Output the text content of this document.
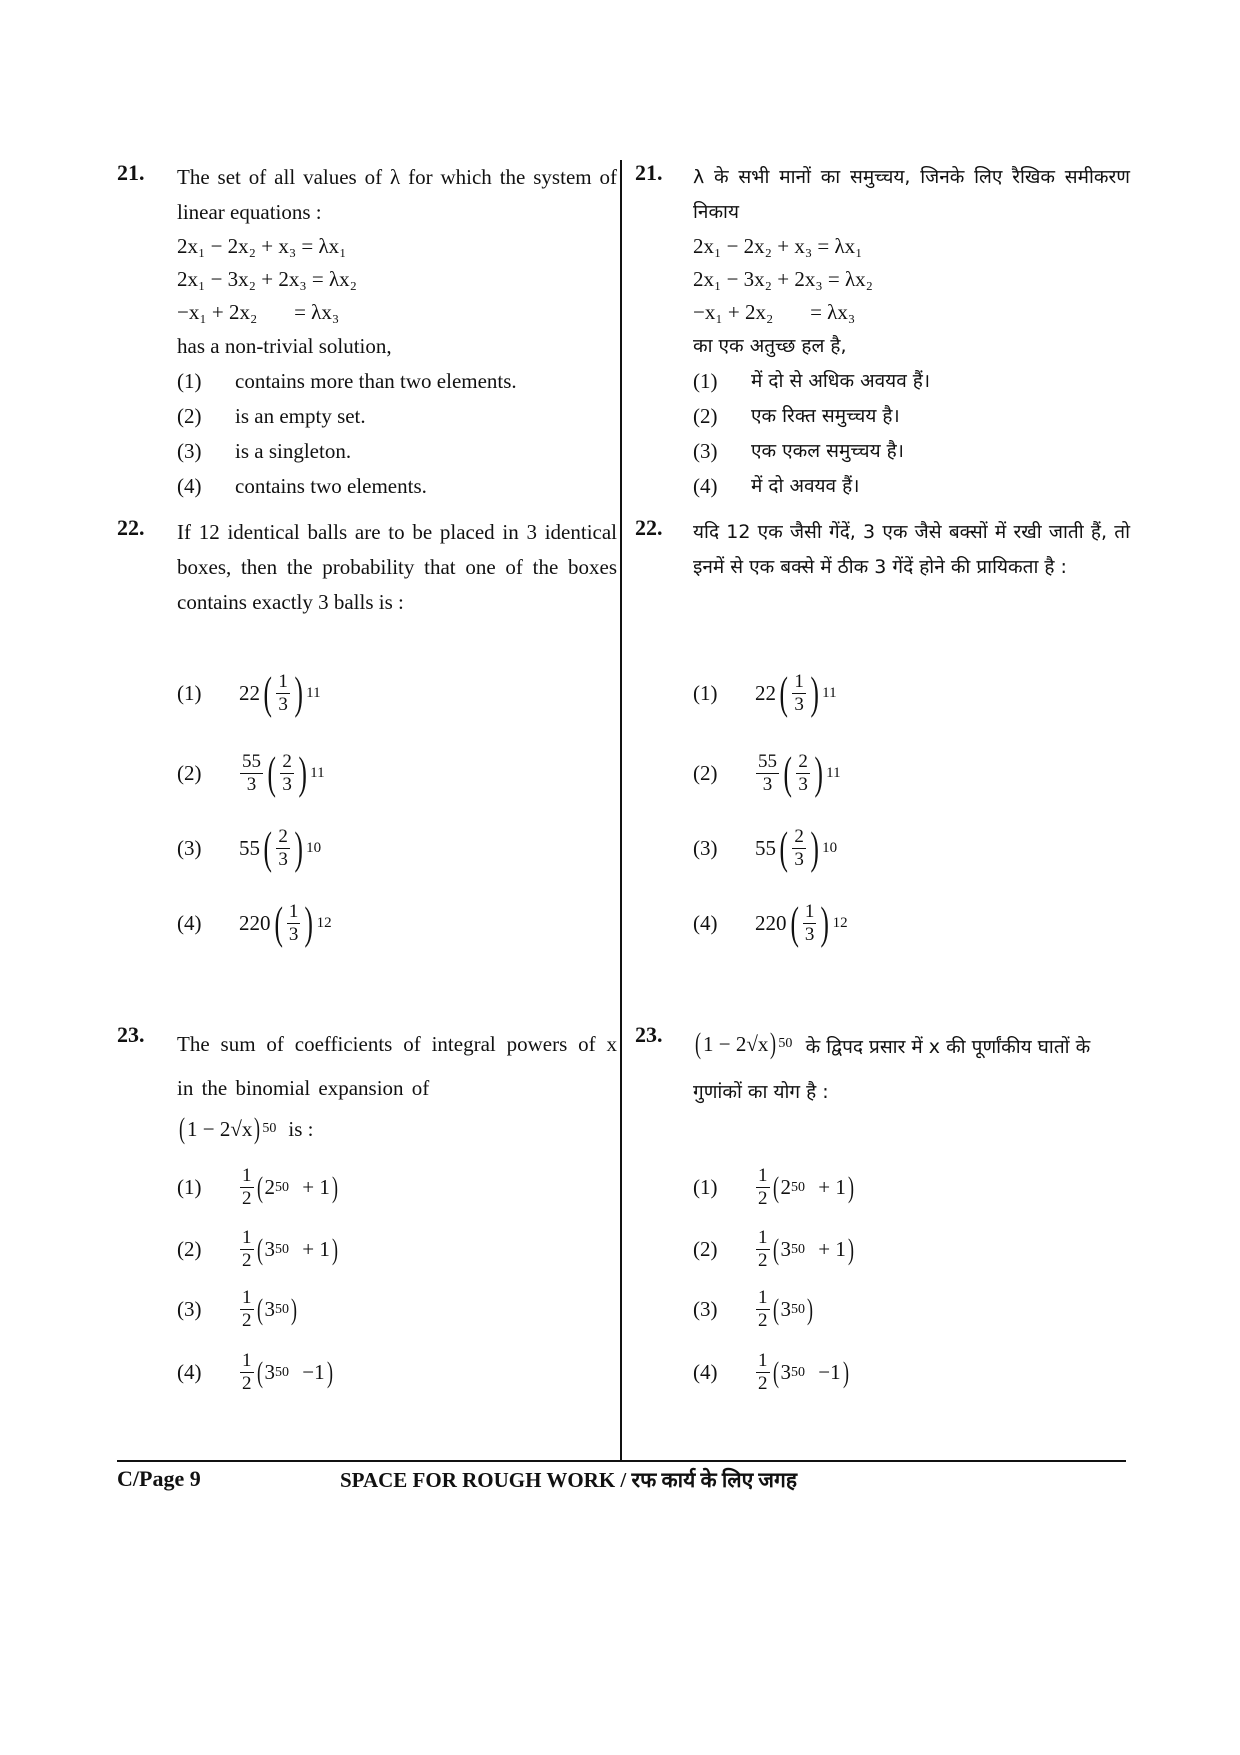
21. The set of all values of λ for which the system of linear equations :

2x₁ − 2x₂ + x₃ = λx₁
2x₁ − 3x₂ + 2x₃ = λx₂
−x₁ + 2x₂       = λx₃
has a non-trivial solution,
(1)	contains more than two elements.
(2)	is an empty set.
(3)	is a singleton.
(4)	contains two elements.
22. If 12 identical balls are to be placed in 3 identical boxes, then the probability that one of the boxes contains exactly 3 balls is :

(1)	22 ( $\frac{1}{3}$ ) 11
(2)	$\frac{55}{3}$ ( $\frac{2}{3}$ ) 11
(3)	55 ( $\frac{2}{3}$ ) 10
(4)	220 ( $\frac{1}{3}$ ) 12
23. The sum of coefficients of integral powers of x in the binomial expansion of

( 1 − 2√x ) 50 is :
(1)	$\frac{1}{2}$ ( 2 50 + 1 )
(2)	$\frac{1}{2}$ ( 3 50 + 1 )
(3)	$\frac{1}{2}$ ( 3 50 )
(4)	$\frac{1}{2}$ ( 3 50 −1 )
21. λ के सभी मानों का समुच्चय, जिनके लिए रैखिक समीकरण निकाय

2x₁ − 2x₂ + x₃ = λx₁
2x₁ − 3x₂ + 2x₃ = λx₂
−x₁ + 2x₂       = λx₃
का एक अतुच्छ हल है,
(1)	में दो से अधिक अवयव हैं।
(2)	एक रिक्त समुच्चय है।
(3)	एक एकल समुच्चय है।
(4)	में दो अवयव हैं।
22. यदि 12 एक जैसी गेंदें, 3 एक जैसे बक्सों में रखी जाती हैं, तो इनमें से एक बक्से में ठीक 3 गेंदें होने की प्रायिकता है :

(1)	22 ( $\frac{1}{3}$ ) 11
(2)	$\frac{55}{3}$ ( $\frac{2}{3}$ ) 11
(3)	55 ( $\frac{2}{3}$ ) 10
(4)	220 ( $\frac{1}{3}$ ) 12
23. ( 1 − 2√x ) 50 के द्विपद प्रसार में x की पूर्णांकीय घातों के गुणांकों का योग है :
(1)	$\frac{1}{2}$ ( 2 50 + 1 )
(2)	$\frac{1}{2}$ ( 3 50 + 1 )
(3)	$\frac{1}{2}$ ( 3 50 )
(4)	$\frac{1}{2}$ ( 3 50 −1 )
C/Page 9	SPACE FOR ROUGH WORK / रफ कार्य के लिए जगह
